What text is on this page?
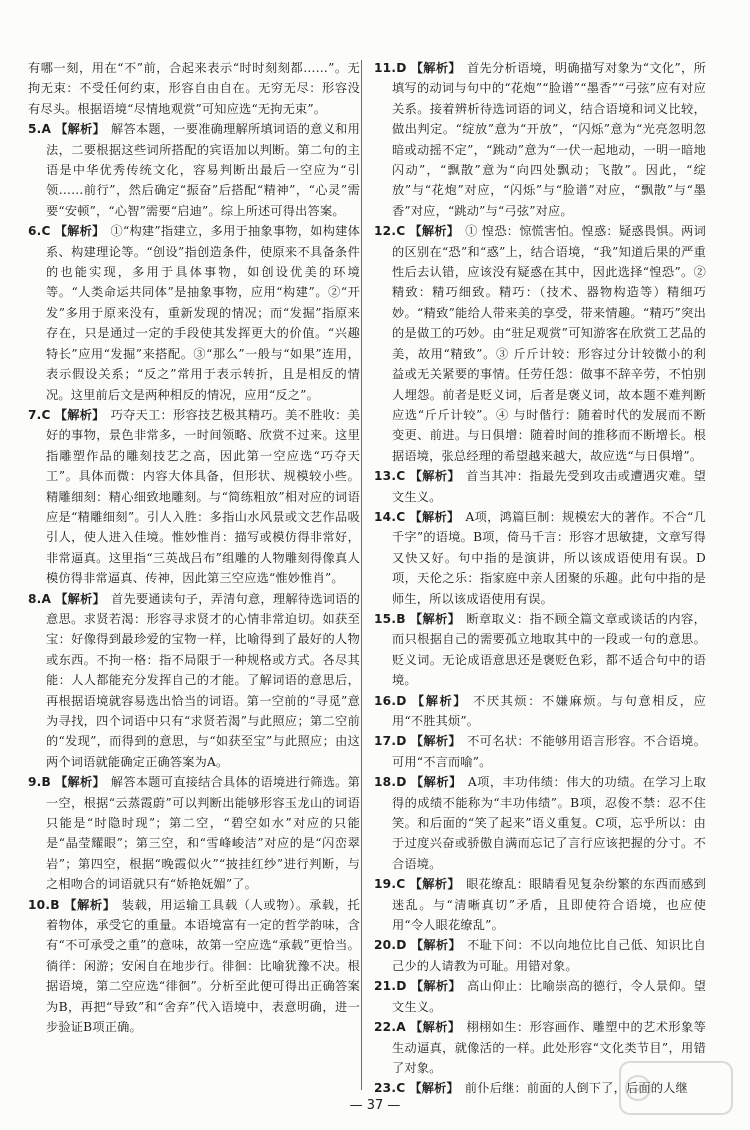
有哪一刻，用在“不”前，合起来表示“时时刻刻都……”。无拘无束：不受任何约束，形容自由自在。无穷无尽：形容没有尽头。根据语境“尽情地观赏”可知应选“无拘无束”。

5.A 【解析】 解答本题，一要准确理解所填词语的意义和用法，二要根据这些词所搭配的宾语加以判断。第二句的主语是中华优秀传统文化，容易判断出最后一空应为“引领……前行”，然后确定“振奋”后搭配“精神”，“心灵”需要“安顿”，“心智”需要“启迪”。综上所述可得出答案。

6.C 【解析】 ①“构建”指建立，多用于抽象事物，如构建体系、构建理论等。“创设”指创造条件，使原来不具备条件的也能实现，多用于具体事物，如创设优美的环境等。“人类命运共同体”是抽象事物，应用“构建”。②“开发”多用于原来没有，重新发现的情况；而“发掘”指原来存在，只是通过一定的手段使其发挥更大的价值。“兴趣特长”应用“发掘”来搭配。③“那么”一般与“如果”连用，表示假设关系；“反之”常用于表示转折，且是相反的情况。这里前后文是两种相反的情况，应用“反之”。

7.C 【解析】 巧夺天工：形容技艺极其精巧。美不胜收：美好的事物，景色非常多，一时间领略、欣赏不过来。这里指雕塑作品的雕刻技艺之高，因此第一空应选“巧夺天工”。具体而微：内容大体具备，但形状、规模较小些。精雕细刻：精心细致地雕刻。与“简练粗放”相对应的词语应是“精雕细刻”。引人入胜：多指山水风景或文艺作品吸引人，使人进入佳境。惟妙惟肖：描写或模仿得非常好，非常逼真。这里指“三英战吕布”组雕的人物雕刻得像真人模仿得非常逼真、传神，因此第三空应选“惟妙惟肖”。

8.A 【解析】 首先要通读句子，弄清句意，理解待选词语的意思。求贤若渴：形容寻求贤才的心情非常迫切。如获至宝：好像得到最珍爱的宝物一样，比喻得到了最好的人物或东西。不拘一格：指不局限于一种规格或方式。各尽其能：人人都能充分发挥自己的才能。了解词语的意思后，再根据语境就容易选出恰当的词语。第一空前的“寻觅”意为寻找，四个词语中只有“求贤若渴”与此照应；第二空前的“发现”，而得到的意思，与“如获至宝”与此照应；由这两个词语就能确定正确答案为A。

9.B 【解析】 解答本题可直接结合具体的语境进行筛选。第一空，根据“云蒸霞蔚”可以判断出能够形容玉龙山的词语只能是“时隐时现”；第二空，“碧空如水”对应的只能是“晶莹耀眼”；第三空，和“雪峰峻洁”对应的是“闪峦翠岩”；第四空，根据“晚霞似火”“披挂红纱”进行判断，与之相吻合的词语就只有“娇艳妩媚”了。

10.B 【解析】 装载，用运输工具载（人或物）。承载，托着物体，承受它的重量。本语境富有一定的哲学韵味，含有“不可承受之重”的意味，故第一空应选“承载”更恰当。徜徉：闲游；安闲自在地步行。徘徊：比喻犹豫不决。根据语境，第二空应选“徘徊”。分析至此便可得出正确答案为B，再把“导致”和“舍弃”代入语境中，表意明确，进一步验证B项正确。

11.D 【解析】 首先分析语境，明确描写对象为“文化”，所填写的动词与句中的“花炮”“脸谱”“墨香”“弓弦”应有对应关系。接着辨析待选词语的词义，结合语境和词义比较，做出判定。“绽放”意为“开放”，“闪烁”意为“光亮忽明忽暗或动摇不定”，“跳动”意为“一伏一起地动，一明一暗地闪动”，“飘散”意为“向四处飘动；飞散”。因此，“绽放”与“花炮”对应，“闪烁”与“脸谱”对应，“飘散”与“墨香”对应，“跳动”与“弓弦”对应。

12.C 【解析】 ① 惶恐：惊慌害怕。惶惑：疑惑畏惧。两词的区别在“恐”和“惑”上，结合语境，“我”知道后果的严重性后去认错，应该没有疑惑在其中，因此选择“惶恐”。② 精致：精巧细致。精巧：（技术、器物构造等）精细巧妙。“精致”能给人带来美的享受，带来情趣。“精巧”突出的是做工的巧妙。由“驻足观赏”可知游客在欣赏工艺品的美，故用“精致”。③ 斤斤计较：形容过分计较微小的利益或无关紧要的事情。任劳任怨：做事不辞辛劳，不怕别人埋怨。前者是贬义词，后者是褒义词，故本题不难判断应选“斤斤计较”。④ 与时偕行：随着时代的发展而不断变更、前进。与日俱增：随着时间的推移而不断增长。根据语境，张总经理的希望越来越大，故应选“与日俱增”。

13.C 【解析】 首当其冲：指最先受到攻击或遭遇灾难。望文生义。

14.C 【解析】 A项，鸿篇巨制：规模宏大的著作。不合“几千字”的语境。B项，倚马千言：形容才思敏捷，文章写得又快又好。句中指的是演讲，所以该成语使用有误。D项，天伦之乐：指家庭中亲人团聚的乐趣。此句中指的是师生，所以该成语使用有误。

15.B 【解析】 断章取义：指不顾全篇文章或谈话的内容，而只根据自己的需要孤立地取其中的一段或一句的意思。贬义词。无论成语意思还是褒贬色彩，都不适合句中的语境。

16.D 【解析】 不厌其烦：不嫌麻烦。与句意相反，应用“不胜其烦”。

17.D 【解析】 不可名状：不能够用语言形容。不合语境。可用“不言而喻”。

18.D 【解析】 A项，丰功伟绩：伟大的功绩。在学习上取得的成绩不能称为“丰功伟绩”。B项，忍俊不禁：忍不住笑。和后面的“笑了起来”语义重复。C项，忘乎所以：由于过度兴奋或骄傲自满而忘记了言行应该把握的分寸。不合语境。

19.C 【解析】 眼花缭乱：眼睛看见复杂纷繁的东西而感到迷乱。与“清晰真切”矛盾，且即使符合语境，也应使用“令人眼花缭乱”。

20.D 【解析】 不耻下问：不以向地位比自己低、知识比自己少的人请教为可耻。用错对象。

21.D 【解析】 高山仰止：比喻崇高的德行，令人景仰。望文生义。

22.A 【解析】 栩栩如生：形容画作、雕塑中的艺术形象等生动逼真，就像活的一样。此处形容“文化类节目”，用错了对象。

23.C 【解析】 前仆后继：前面的人倒下了，后面的人继

— 37 —
